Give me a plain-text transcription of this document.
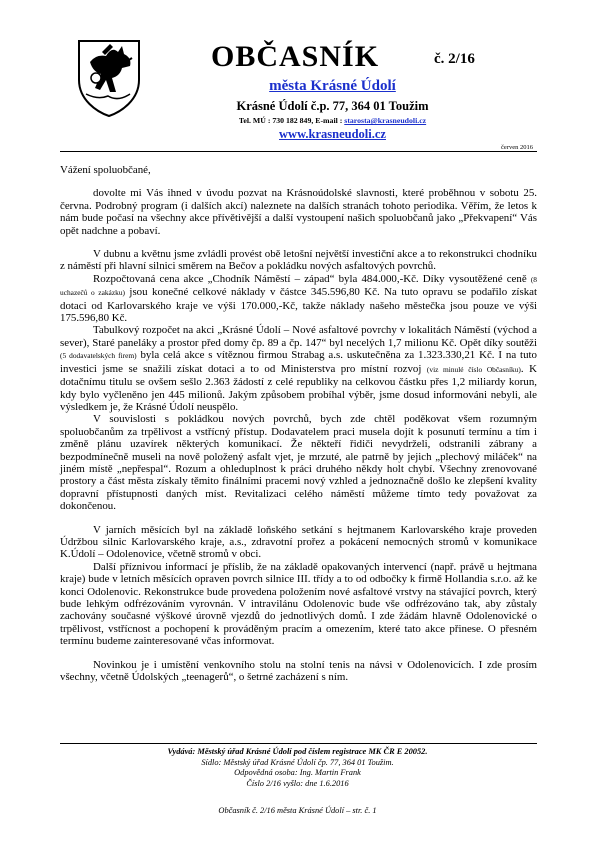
OBČASNÍK	č. 2/16
města Krásné Údolí
Krásné Údolí č.p. 77, 364 01 Toužim
Tel. MÚ : 730 182 849, E-mail : starosta@krasneudoli.cz
www.krasneudoli.cz
červen 2016

Vážení spoluobčané,

dovolte mi Vás ihned v úvodu pozvat na Krásnoúdolské slavnosti, které proběhnou v sobotu 25. června. Podrobný program (i dalších akcí) naleznete na dalších stranách tohoto periodika. Věřím, že letos k nám bude počasí na všechny akce přívětivější a další vystoupení našich spoluobčanů jako „Překvapení“ Vás opět nadchne a pobaví.

V dubnu a květnu jsme zvládli provést obě letošní největší investiční akce a to rekonstrukci chodníku z náměstí při hlavní silnici směrem na Bečov a pokládku nových asfaltových povrchů.

Rozpočtovaná cena akce „Chodník Náměstí – západ“ byla 484.000,-Kč. Díky vysoutěžené ceně (8 uchazečů o zakázku) jsou konečné celkové náklady v částce 345.596,80 Kč. Na tuto opravu se podařilo získat dotaci od Karlovarského kraje ve výši 170.000,-Kč, takže náklady našeho městečka jsou pouze ve výši 175.596,80 Kč.

Tabulkový rozpočet na akci „Krásné Údolí – Nové asfaltové povrchy v lokalitách Náměstí (východ a sever), Staré paneláky a prostor před domy čp. 89 a čp. 147“ byl necelých 1,7 milionu Kč. Opět díky soutěži (5 dodavatelských firem) byla celá akce s vítěznou firmou Strabag a.s. uskutečněna za 1.323.330,21 Kč. I na tuto investici jsme se snažili získat dotaci a to od Ministerstva pro místní rozvoj (viz minulé číslo Občasníku). K dotačnímu titulu se ovšem sešlo 2.363 žádostí z celé republiky na celkovou částku přes 1,2 miliardy korun, kdy bylo vyčleněno jen 445 milionů. Jakým způsobem probíhal výběr, jsme dosud informováni nebyli, ale výsledkem je, že Krásné Údolí neuspělo.

V souvislosti s pokládkou nových povrchů, bych zde chtěl poděkovat všem rozumným spoluobčanům za trpělivost a vstřícný přístup. Dodavatelem praci musela dojít k posunutí termínu a tím i změně plánu uzavírek některých komunikací. Že někteří řidiči nevydrželi, odstranili zábrany a bezpodmínečně museli na nově položený asfalt vjet, je mrzuté, ale patrně by jejich „plechový miláček“ na jiném místě „nepřespal“. Rozum a ohleduplnost k práci druhého někdy holt chybí. Všechny zrenovované prostory a část města získaly těmito finálními pracemi nový vzhled a jednoznačně došlo ke zlepšení kvality dopravní přístupnosti daných míst. Revitalizaci celého náměstí můžeme tímto tedy považovat za dokončenou.

V jarních měsících byl na základě loňského setkání s hejtmanem Karlovarského kraje proveden Údržbou silnic Karlovarského kraje, a.s., zdravotní prořez a pokácení nemocných stromů v komunikace K.Údolí – Odolenovice, včetně stromů v obci.

Další příznivou informací je příslib, že na základě opakovaných intervencí (např. právě u hejtmana kraje) bude v letních měsících opraven povrch silnice III. třídy a to od odbočky k firmě Hollandia s.r.o. až ke konci Odolenovic. Rekonstrukce bude provedena položením nové asfaltové vrstvy na stávající povrch, který bude lehkým odfrézováním vyrovnán. V intravilánu Odolenovic bude vše odfrézováno tak, aby zůstaly zachovány současné výškové úrovně vjezdů do jednotlivých domů. I zde žádám hlavně Odolenovické o trpělivost, vstřícnost a pochopení k prováděným pracím a omezením, které tato akce přinese. O přesném termínu budeme zainteresované včas informovat.

Novinkou je i umístění venkovního stolu na stolní tenis na návsi v Odolenovicích. I zde prosím všechny, včetně Údolských „teenagerů“, o šetrné zacházení s ním.

Vydává: Městský úřad Krásné Údolí pod číslem registrace MK ČR E 20052.
Sídlo: Městský úřad Krásné Údolí čp. 77, 364 01 Toužim.
Odpovědná osoba: Ing. Martin Frank
Číslo 2/16 vyšlo: dne 1.6.2016
Občasník č. 2/16 města Krásné Údolí – str. č. 1
